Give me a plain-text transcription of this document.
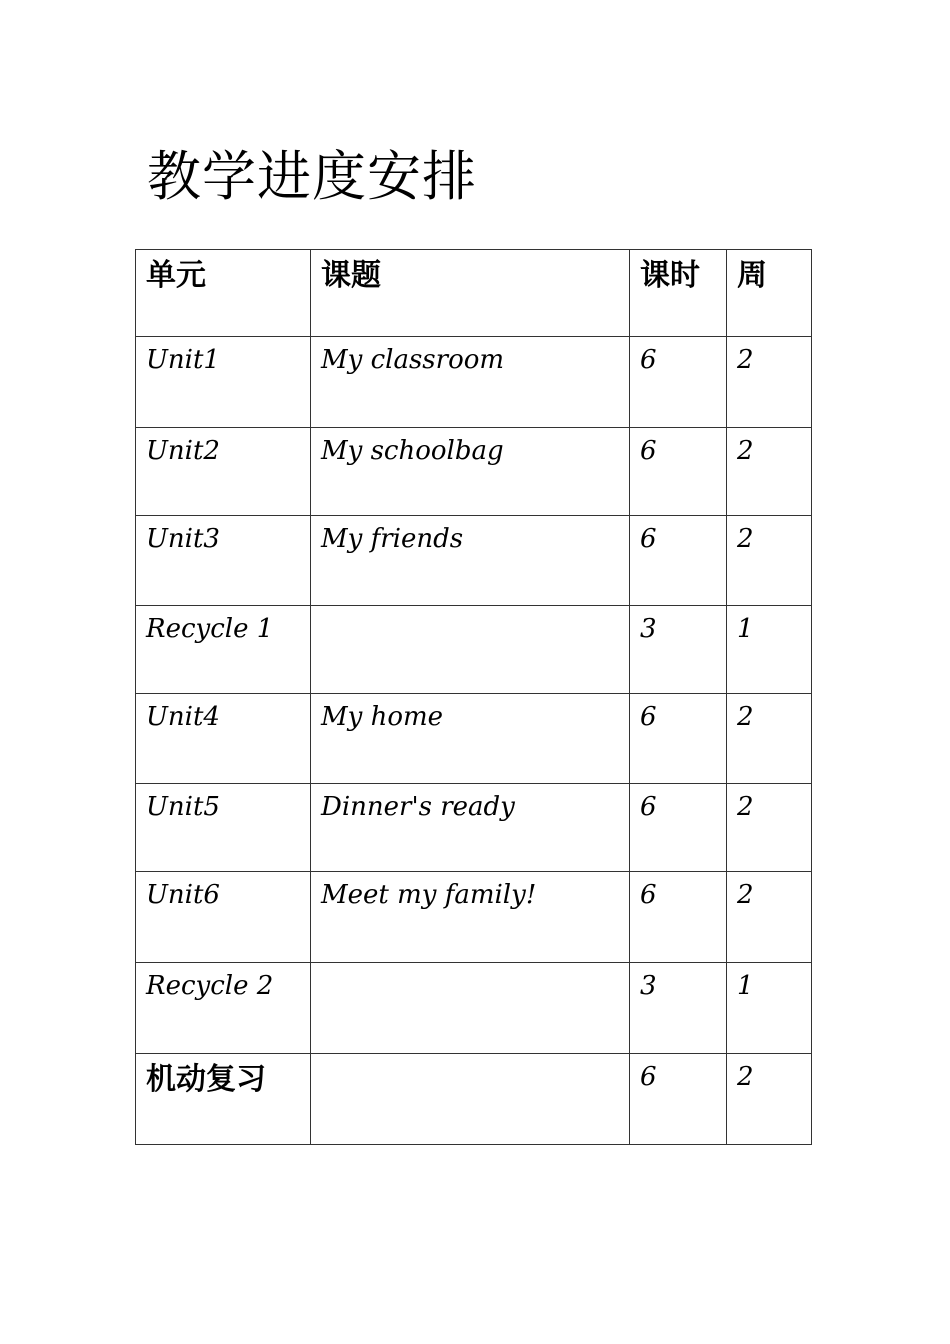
教学进度安排
单元	课题	课时	周
Unit1	My classroom	6	2
Unit2	My schoolbag	6	2
Unit3	My friends	6	2
Recycle 1		3	1
Unit4	My home	6	2
Unit5	Dinner's ready	6	2
Unit6	Meet my family!	6	2
Recycle 2		3	1
机动复习		6	2
